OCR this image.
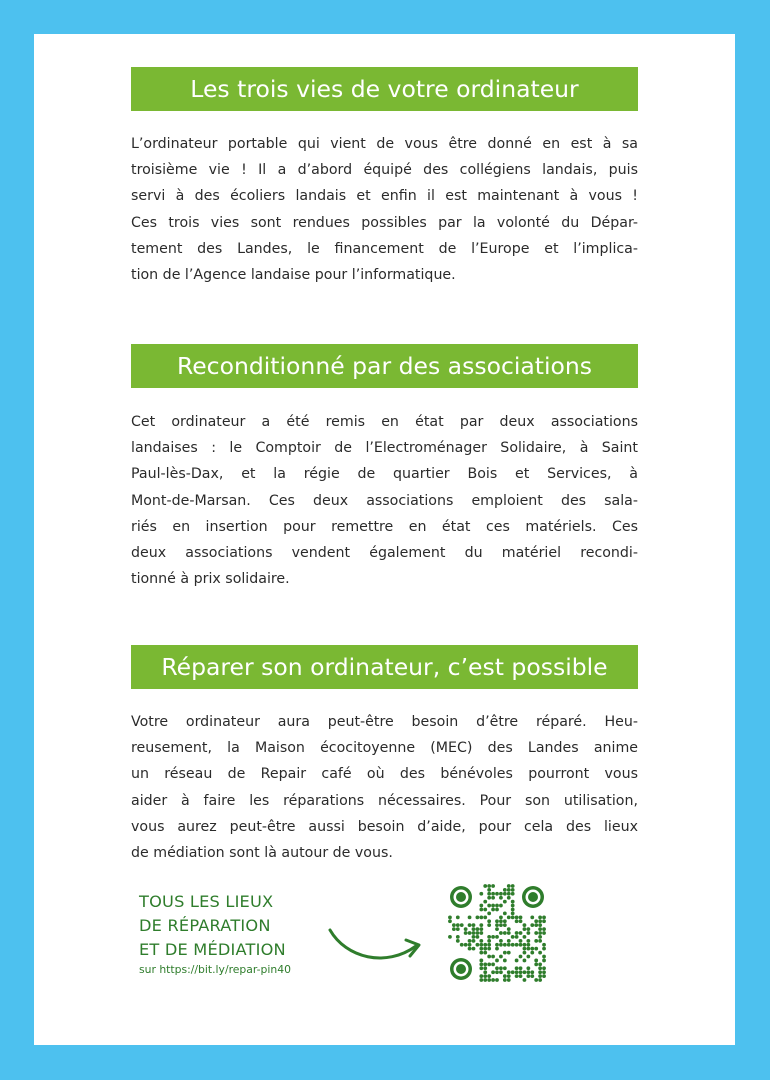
Les trois vies de votre ordinateur
L’ordinateur portable qui vient de vous être donné en est à sa
troisième vie ! Il a d’abord équipé des collégiens landais, puis
servi à des écoliers landais et enfin il est maintenant à vous !
Ces trois vies sont rendues possibles par la volonté du Dépar-
tement des Landes, le financement de l’Europe et l’implica-
tion de l’Agence landaise pour l’informatique.
Reconditionné par des associations
Cet ordinateur a été remis en état par deux associations
landaises : le Comptoir de l’Electroménager Solidaire, à Saint
Paul-lès-Dax, et la régie de quartier Bois et Services, à
Mont-de-Marsan. Ces deux associations emploient des sala-
riés en insertion pour remettre en état ces matériels. Ces
deux associations vendent également du matériel recondi-
tionné à prix solidaire.
Réparer son ordinateur, c’est possible
Votre ordinateur aura peut-être besoin d’être réparé. Heu-
reusement, la Maison écocitoyenne (MEC) des Landes anime
un réseau de Repair café où des bénévoles pourront vous
aider à faire les réparations nécessaires. Pour son utilisation,
vous aurez peut-être aussi besoin d’aide, pour cela des lieux
de médiation sont là autour de vous.
TOUS LES LIEUX
DE RÉPARATION
ET DE MÉDIATION
sur https://bit.ly/repar-pin40
